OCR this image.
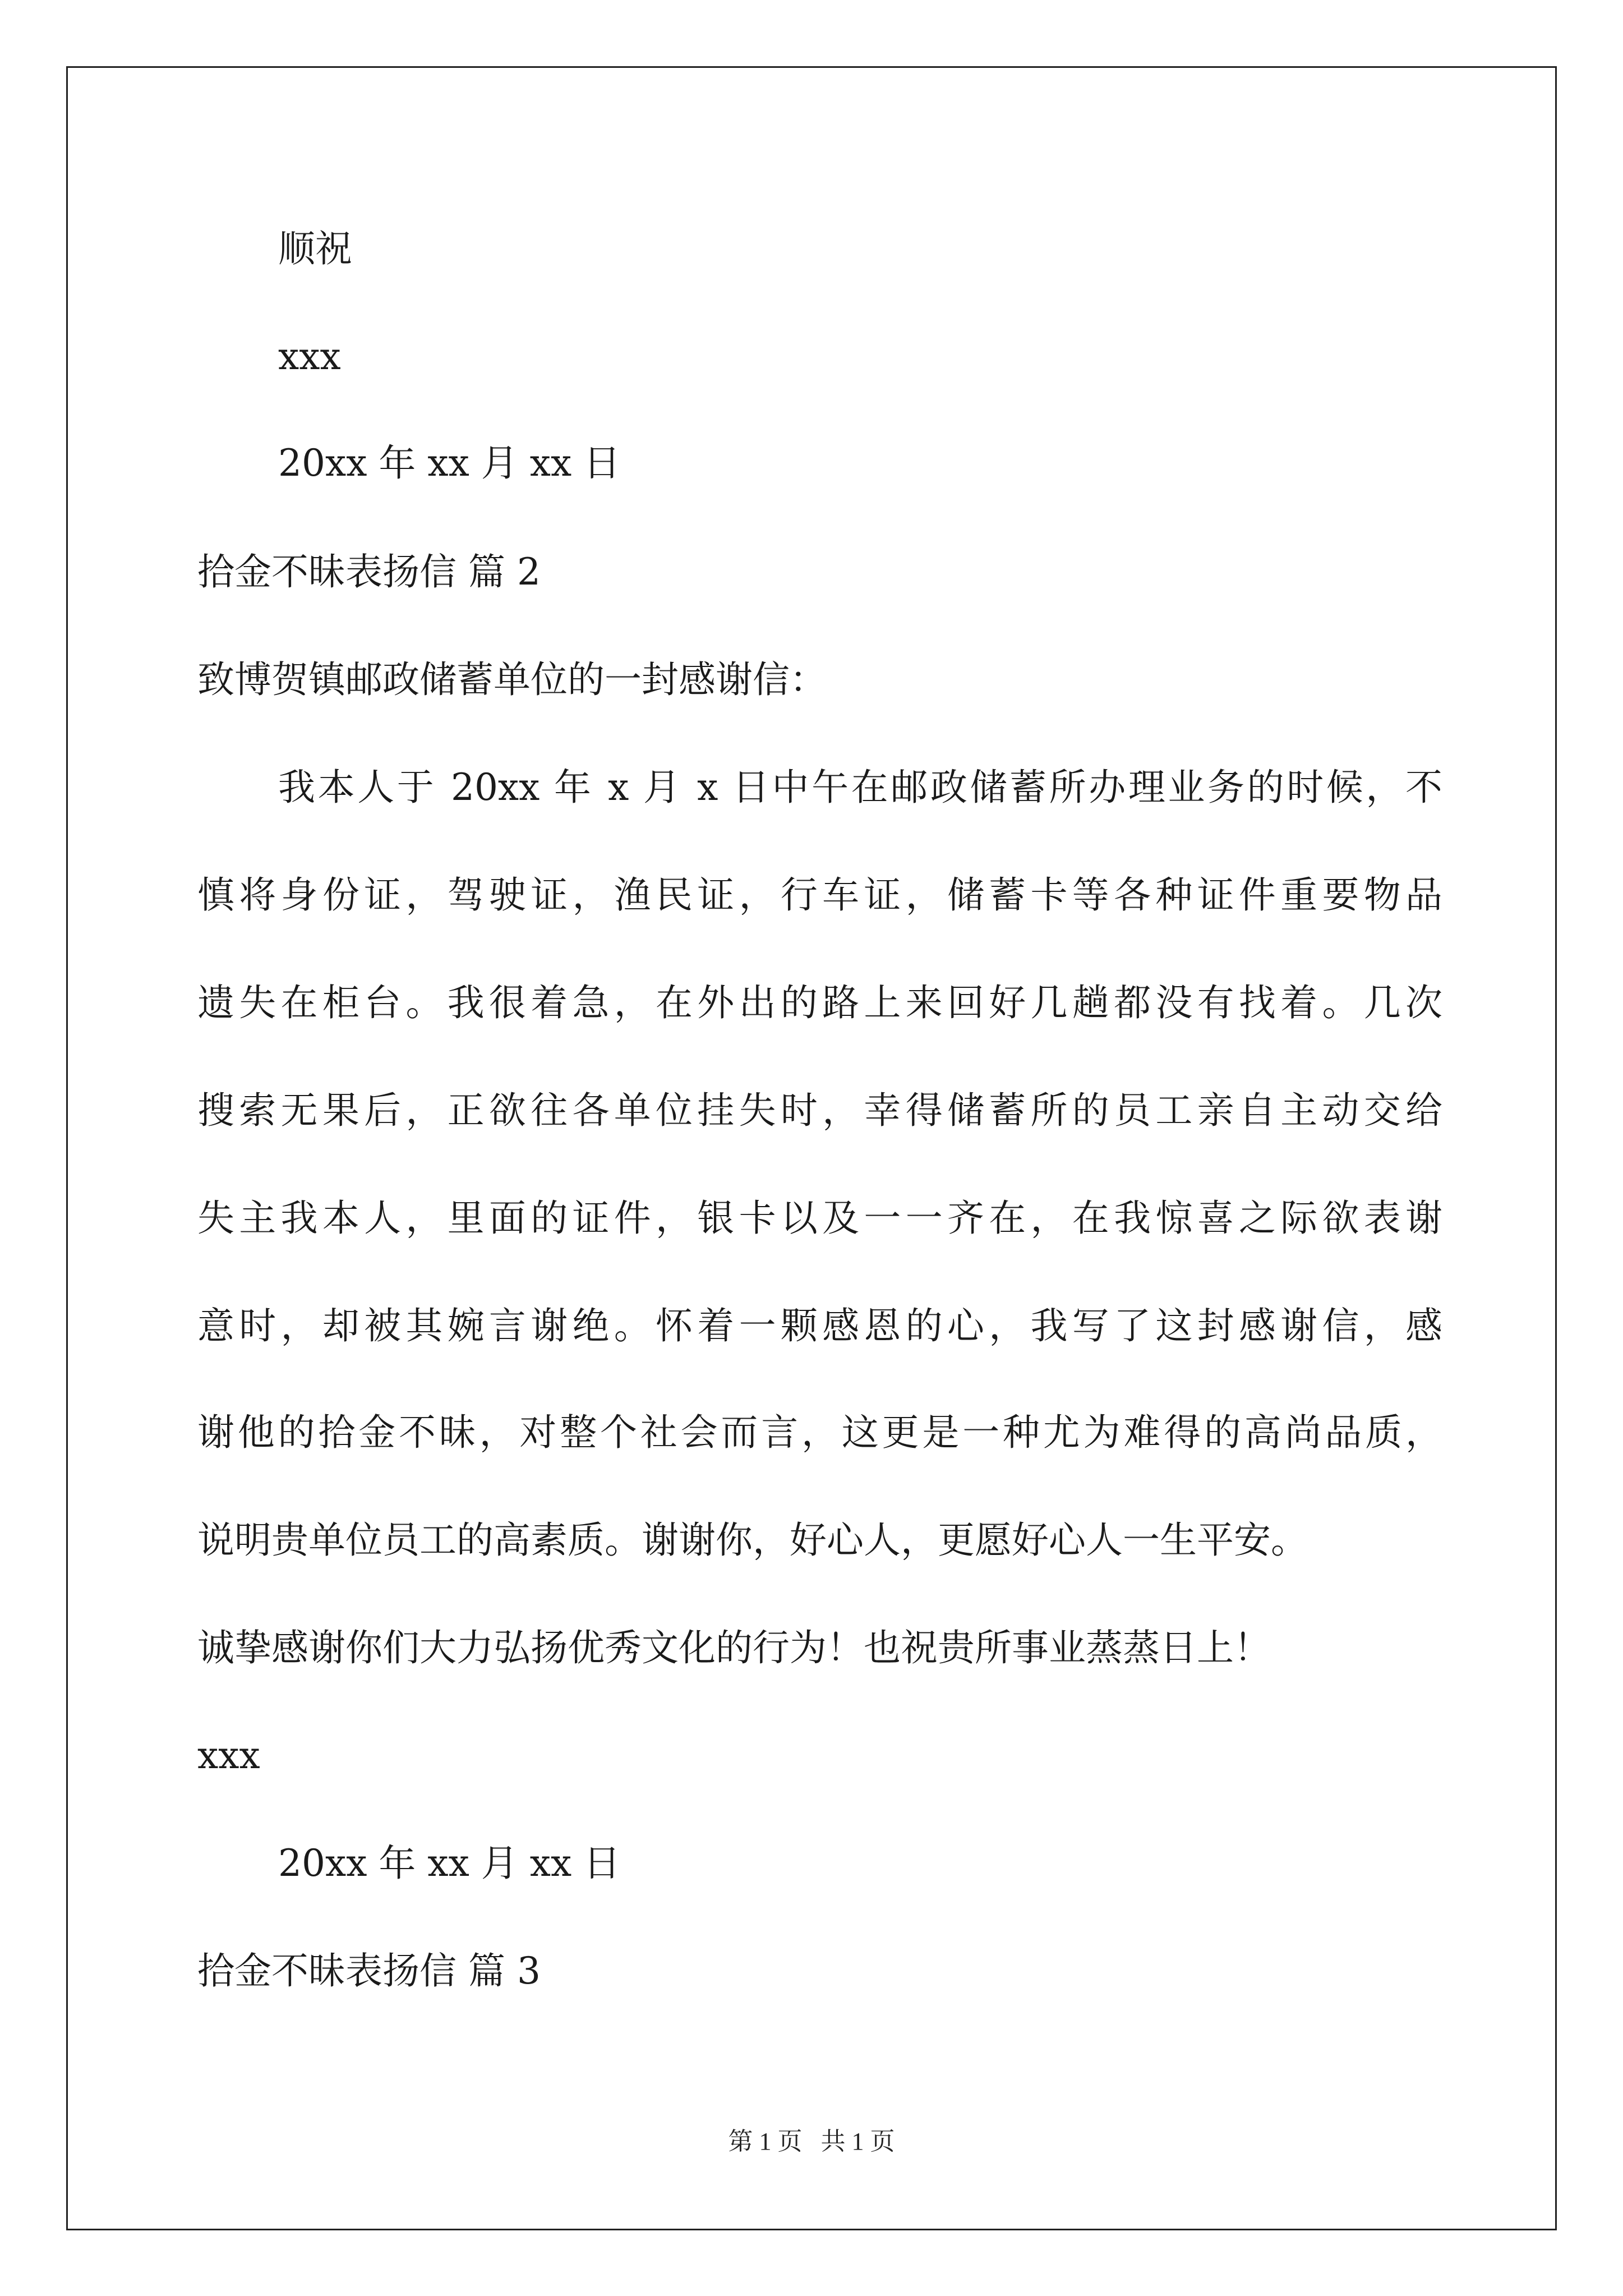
顺祝
xxx
20xx 年 xx 月 xx 日
拾金不昧表扬信 篇 2
致博贺镇邮政储蓄单位的一封感谢信：
我本人于 20xx 年 x 月 x 日中午在邮政储蓄所办理业务的时候，不
慎将身份证，驾驶证，渔民证，行车证，储蓄卡等各种证件重要物品
遗失在柜台。我很着急，在外出的路上来回好几趟都没有找着。几次
搜索无果后，正欲往各单位挂失时，幸得储蓄所的员工亲自主动交给
失主我本人，里面的证件，银卡以及一一齐在，在我惊喜之际欲表谢
意时，却被其婉言谢绝。怀着一颗感恩的心，我写了这封感谢信，感
谢他的拾金不昧，对整个社会而言，这更是一种尤为难得的高尚品质，
说明贵单位员工的高素质。谢谢你，好心人，更愿好心人一生平安。
诚挚感谢你们大力弘扬优秀文化的行为！也祝贵所事业蒸蒸日上！
xxx
20xx 年 xx 月 xx 日
拾金不昧表扬信 篇 3
第 1 页   共 1 页
